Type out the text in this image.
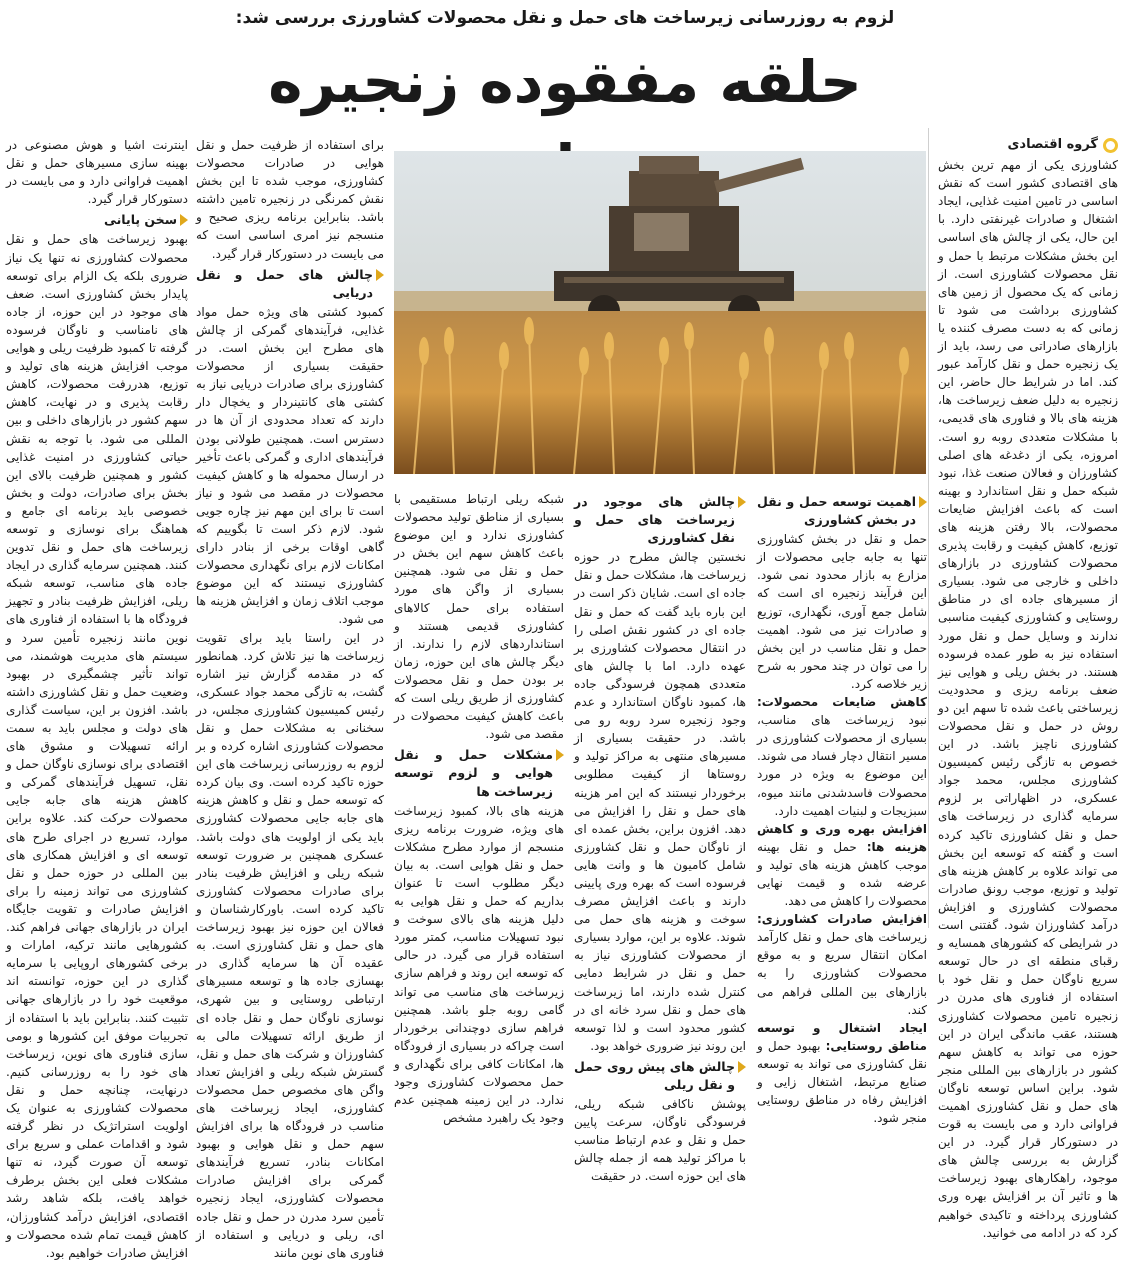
لزوم به روزرسانی زیرساخت های حمل و نقل محصولات کشاورزی بررسی شد:
حلقه مفقوده زنجیره
گروه اقتصادی

کشاورزی یکی از مهم ترین بخش های اقتصادی کشور است که نقش اساسی در تامین امنیت غذایی، ایجاد اشتغال و صادرات غیرنفتی دارد. با این حال، یکی از چالش های اساسی این بخش مشکلات مرتبط با حمل و نقل محصولات کشاورزی است. از زمانی که یک محصول از زمین های کشاورزی برداشت می شود تا زمانی که به دست مصرف کننده یا بازارهای صادراتی می رسد، باید از یک زنجیره حمل و نقل کارآمد عبور کند. اما در شرایط حال حاضر، این زنجیره به دلیل ضعف زیرساخت ها، هزینه های بالا و فناوری های قدیمی، با مشکلات متعددی روبه رو است. امروزه، یکی از دغدغه های اصلی کشاورزان و فعالان صنعت غذا، نبود شبکه حمل و نقل استاندارد و بهینه است که باعث افزایش ضایعات محصولات، بالا رفتن هزینه های توزیع، کاهش کیفیت و رقابت پذیری محصولات کشاورزی در بازارهای داخلی و خارجی می شود. بسیاری از مسیرهای جاده ای در مناطق روستایی و کشاورزی کیفیت مناسبی ندارند و وسایل حمل و نقل مورد استفاده نیز به طور عمده فرسوده هستند. در بخش ریلی و هوایی نیز ضعف برنامه ریزی و محدودیت زیرساختی باعث شده تا سهم این دو روش در حمل و نقل محصولات کشاورزی ناچیز باشد. در این خصوص به تازگی رئیس کمیسیون کشاورزی مجلس، محمد جواد عسکری، در اظهاراتی بر لزوم سرمایه گذاری در زیرساخت های حمل و نقل کشاورزی تاکید کرده است و گفته که توسعه این بخش می تواند علاوه بر کاهش هزینه های تولید و توزیع، موجب رونق صادرات محصولات کشاورزی و افزایش درآمد کشاورزان شود. گفتنی است در شرایطی که کشورهای همسایه و رقبای منطقه ای در حال توسعه سریع ناوگان حمل و نقل خود با استفاده از فناوری های مدرن در زنجیره تامین محصولات کشاورزی هستند، عقب ماندگی ایران در این حوزه می تواند به کاهش سهم کشور در بازارهای بین المللی منجر شود. براین اساس توسعه ناوگان های حمل و نقل کشاورزی اهمیت فراوانی دارد و می بایست به قوت در دستورکار قرار گیرد. در این گزارش به بررسی چالش های موجود، راهکارهای بهبود زیرساخت ها و تاثیر آن بر افزایش بهره وری کشاورزی پرداخته و تاکیدی خواهیم کرد که در ادامه می خوانید.

اهمیت توسعه حمل و نقل در بخش کشاورزی

حمل و نقل در بخش کشاورزی تنها به جابه جایی محصولات از مزارع به بازار محدود نمی شود. این فرآیند زنجیره ای است که شامل جمع آوری، نگهداری، توزیع و صادرات نیز می شود. اهمیت حمل و نقل مناسب در این بخش را می توان در چند محور به شرح زیر خلاصه کرد.

کاهش ضایعات محصولات: نبود زیرساخت های مناسب، بسیاری از محصولات کشاورزی در مسیر انتقال دچار فساد می شوند. این موضوع به ویژه در مورد محصولات فاسدشدنی مانند میوه، سبزیجات و لبنیات اهمیت دارد.

افزایش بهره وری و کاهش هزینه ها: حمل و نقل بهینه موجب کاهش هزینه های تولید و عرضه شده و قیمت نهایی محصولات را کاهش می دهد.

افزایش صادرات کشاورزی: زیرساخت های حمل و نقل کارآمد امکان انتقال سریع و به موقع محصولات کشاورزی را به بازارهای بین المللی فراهم می کند.

ایجاد اشتغال و توسعه مناطق روستایی: بهبود حمل و نقل کشاورزی می تواند به توسعه صنایع مرتبط، اشتغال زایی و افزایش رفاه در مناطق روستایی منجر شود.

چالش های موجود در زیرساخت های حمل و نقل کشاورزی

نخستین چالش مطرح در حوزه زیرساخت ها، مشکلات حمل و نقل جاده ای است. شایان ذکر است در این باره باید گفت که حمل و نقل جاده ای در کشور نقش اصلی را در انتقال محصولات کشاورزی بر عهده دارد. اما با چالش های متعددی همچون فرسودگی جاده ها، کمبود ناوگان استاندارد و عدم وجود زنجیره سرد روبه رو می باشد. در حقیقت بسیاری از مسیرهای منتهی به مراکز تولید و روستاها از کیفیت مطلوبی برخوردار نیستند که این امر هزینه های حمل و نقل را افزایش می دهد. افزون براین، بخش عمده ای از ناوگان حمل و نقل کشاورزی شامل کامیون ها و وانت هایی فرسوده است که بهره وری پایینی دارند و باعث افزایش مصرف سوخت و هزینه های حمل می شوند. علاوه بر این، موارد بسیاری از محصولات کشاورزی نیاز به حمل و نقل در شرایط دمایی کنترل شده دارند، اما زیرساخت های حمل و نقل سرد خانه ای در کشور محدود است و لذا توسعه این روند نیز ضروری خواهد بود.

چالش های پیش روی حمل و نقل ریلی

پوشش ناکافی شبکه ریلی، فرسودگی ناوگان، سرعت پایین حمل و نقل و عدم ارتباط مناسب با مراکز تولید همه از جمله چالش های این حوزه است. در حقیقت

شبکه ریلی ارتباط مستقیمی با بسیاری از مناطق تولید محصولات کشاورزی ندارد و این موضوع باعث کاهش سهم این بخش در حمل و نقل می شود. همچنین بسیاری از واگن های مورد استفاده برای حمل کالاهای کشاورزی قدیمی هستند و استانداردهای لازم را ندارند. از دیگر چالش های این حوزه، زمان بر بودن حمل و نقل محصولات کشاورزی از طریق ریلی است که باعث کاهش کیفیت محصولات در مقصد می شود.

مشکلات حمل و نقل هوایی و لزوم توسعه زیرساخت ها

هزینه های بالا، کمبود زیرساخت های ویژه، ضرورت برنامه ریزی منسجم از موارد مطرح مشکلات حمل و نقل هوایی است. به بیان دیگر مطلوب است تا عنوان بداریم که حمل و نقل هوایی به دلیل هزینه های بالای سوخت و نبود تسهیلات مناسب، کمتر مورد استفاده قرار می گیرد. در حالی که توسعه این روند و فراهم سازی زیرساخت های مناسب می تواند گامی روبه جلو باشد. همچنین فراهم سازی دوچندانی برخوردار است چراکه در بسیاری از فرودگاه ها، امکانات کافی برای نگهداری و حمل محصولات کشاورزی وجود ندارد. در این زمینه همچنین عدم وجود یک راهبرد مشخص

برای استفاده از ظرفیت حمل و نقل هوایی در صادرات محصولات کشاورزی، موجب شده تا این بخش نقش کمرنگی در زنجیره تامین داشته باشد. بنابراین برنامه ریزی صحیح و منسجم نیز امری اساسی است که می بایست در دستورکار قرار گیرد.

چالش های حمل و نقل دریایی

کمبود کشتی های ویژه حمل مواد غذایی، فرآیندهای گمرکی از چالش های مطرح این بخش است. در حقیقت بسیاری از محصولات کشاورزی برای صادرات دریایی نیاز به کشتی های کانتینردار و یخچال دار دارند که تعداد محدودی از آن ها در دسترس است. همچنین طولانی بودن فرآیندهای اداری و گمرکی باعث تأخیر در ارسال محموله ها و کاهش کیفیت محصولات در مقصد می شود و نیاز است تا برای این مهم نیز چاره جویی شود. لازم ذکر است تا بگوییم که گاهی اوقات برخی از بنادر دارای امکانات لازم برای نگهداری محصولات کشاورزی نیستند که این موضوع موجب اتلاف زمان و افزایش هزینه ها می شود.

در این راستا باید برای تقویت زیرساخت ها نیز تلاش کرد. همانطور که در مقدمه گزارش نیز اشاره گشت، به تازگی محمد جواد عسکری، رئیس کمیسیون کشاورزی مجلس، در سخنانی به مشکلات حمل و نقل محصولات کشاورزی اشاره کرده و بر لزوم به روزرسانی زیرساخت های این حوزه تاکید کرده است. وی بیان کرده که توسعه حمل و نقل و کاهش هزینه های جابه جایی محصولات کشاورزی باید یکی از اولویت های دولت باشد. عسکری همچنین بر ضرورت توسعه شبکه ریلی و افزایش ظرفیت بنادر برای صادرات محصولات کشاورزی تاکید کرده است. باورکارشناسان و فعالان این حوزه نیز بهبود زیرساخت های حمل و نقل کشاورزی است. به عقیده آن ها سرمایه گذاری در بهسازی جاده ها و توسعه مسیرهای ارتباطی روستایی و بین شهری، نوسازی ناوگان حمل و نقل جاده ای از طریق ارائه تسهیلات مالی به کشاورزان و شرکت های حمل و نقل، گسترش شبکه ریلی و افزایش تعداد واگن های مخصوص حمل محصولات کشاورزی، ایجاد زیرساخت های مناسب در فرودگاه ها برای افزایش سهم حمل و نقل هوایی و بهبود امکانات بنادر، تسریع فرآیندهای گمرکی برای افزایش صادرات محصولات کشاورزی، ایجاد زنجیره تأمین سرد مدرن در حمل و نقل جاده ای، ریلی و دریایی و استفاده از فناوری های نوین مانند

اینترنت اشیا و هوش مصنوعی در بهینه سازی مسیرهای حمل و نقل اهمیت فراوانی دارد و می بایست در دستورکار قرار گیرد.

سخن پایانی

بهبود زیرساخت های حمل و نقل محصولات کشاورزی نه تنها یک نیاز ضروری بلکه یک الزام برای توسعه پایدار بخش کشاورزی است. ضعف های موجود در این حوزه، از جاده های نامناسب و ناوگان فرسوده گرفته تا کمبود ظرفیت ریلی و هوایی موجب افزایش هزینه های تولید و توزیع، هدررفت محصولات، کاهش رقابت پذیری و در نهایت، کاهش سهم کشور در بازارهای داخلی و بین المللی می شود. با توجه به نقش حیاتی کشاورزی در امنیت غذایی کشور و همچنین ظرفیت بالای این بخش برای صادرات، دولت و بخش خصوصی باید برنامه ای جامع و هماهنگ برای نوسازی و توسعه زیرساخت های حمل و نقل تدوین کنند. همچنین سرمایه گذاری در ایجاد جاده های مناسب، توسعه شبکه ریلی، افزایش ظرفیت بنادر و تجهیز فرودگاه ها با استفاده از فناوری های نوین مانند زنجیره تأمین سرد و سیستم های مدیریت هوشمند، می تواند تأثیر چشمگیری در بهبود وضعیت حمل و نقل کشاورزی داشته باشد. افزون بر این، سیاست گذاری های دولت و مجلس باید به سمت ارائه تسهیلات و مشوق های اقتصادی برای نوسازی ناوگان حمل و نقل، تسهیل فرآیندهای گمرکی و کاهش هزینه های جابه جایی محصولات حرکت کند. علاوه براین موارد، تسریع در اجرای طرح های توسعه ای و افزایش همکاری های بین المللی در حوزه حمل و نقل کشاورزی می تواند زمینه را برای افزایش صادرات و تقویت جایگاه ایران در بازارهای جهانی فراهم کند. کشورهایی مانند ترکیه، امارات و برخی کشورهای اروپایی با سرمایه گذاری در این حوزه، توانسته اند موقعیت خود را در بازارهای جهانی تثبیت کنند. بنابراین باید با استفاده از تجربیات موفق این کشورها و بومی سازی فناوری های نوین، زیرساخت های خود را به روزرسانی کنیم. درنهایت، چنانچه حمل و نقل محصولات کشاورزی به عنوان یک اولویت استراتژیک در نظر گرفته شود و اقدامات عملی و سریع برای توسعه آن صورت گیرد، نه تنها مشکلات فعلی این بخش برطرف خواهد یافت، بلکه شاهد رشد اقتصادی، افزایش درآمد کشاورزان، کاهش قیمت تمام شده محصولات و افزایش صادرات خواهیم بود.
